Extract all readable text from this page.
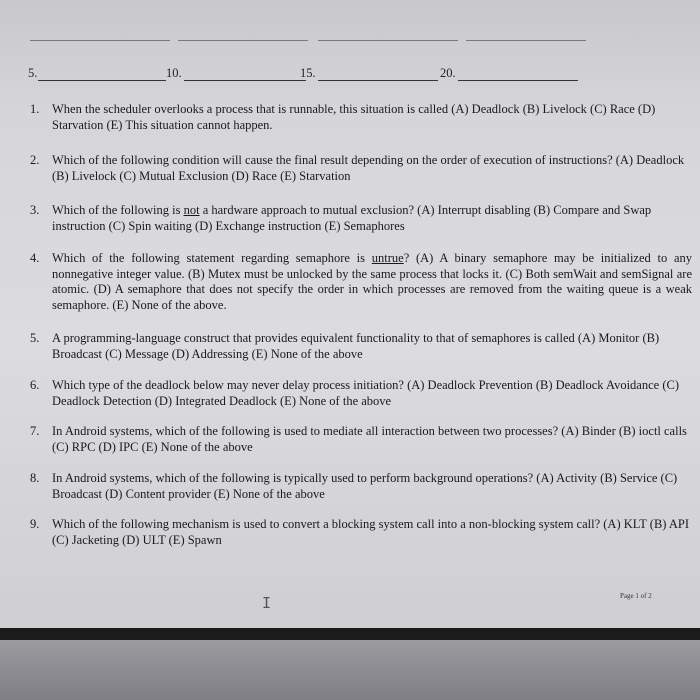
5.	10.	15.	20.
1.	When the scheduler overlooks a process that is runnable, this situation is called (A) Deadlock (B) Livelock (C) Race (D) Starvation (E) This situation cannot happen.
2.	Which of the following condition will cause the final result depending on the order of execution of instructions? (A) Deadlock (B) Livelock (C) Mutual Exclusion (D) Race (E) Starvation
3.	Which of the following is not a hardware approach to mutual exclusion? (A) Interrupt disabling (B) Compare and Swap instruction (C) Spin waiting (D) Exchange instruction (E) Semaphores
4.	Which of the following statement regarding semaphore is untrue? (A) A binary semaphore may be initialized to any nonnegative integer value. (B) Mutex must be unlocked by the same process that locks it. (C) Both semWait and semSignal are atomic. (D) A semaphore that does not specify the order in which processes are removed from the waiting queue is a weak semaphore. (E) None of the above.
5.	A programming-language construct that provides equivalent functionality to that of semaphores is called (A) Monitor (B) Broadcast (C) Message (D) Addressing (E) None of the above
6.	Which type of the deadlock below may never delay process initiation? (A) Deadlock Prevention (B) Deadlock Avoidance (C) Deadlock Detection (D) Integrated Deadlock (E) None of the above
7.	In Android systems, which of the following is used to mediate all interaction between two processes? (A) Binder (B) ioctl calls (C) RPC (D) IPC (E) None of the above
8.	In Android systems, which of the following is typically used to perform background operations? (A) Activity (B) Service (C) Broadcast (D) Content provider (E) None of the above
9.	Which of the following mechanism is used to convert a blocking system call into a non-blocking system call? (A) KLT (B) API (C) Jacketing (D) ULT (E) Spawn
I	Page 1 of 2
